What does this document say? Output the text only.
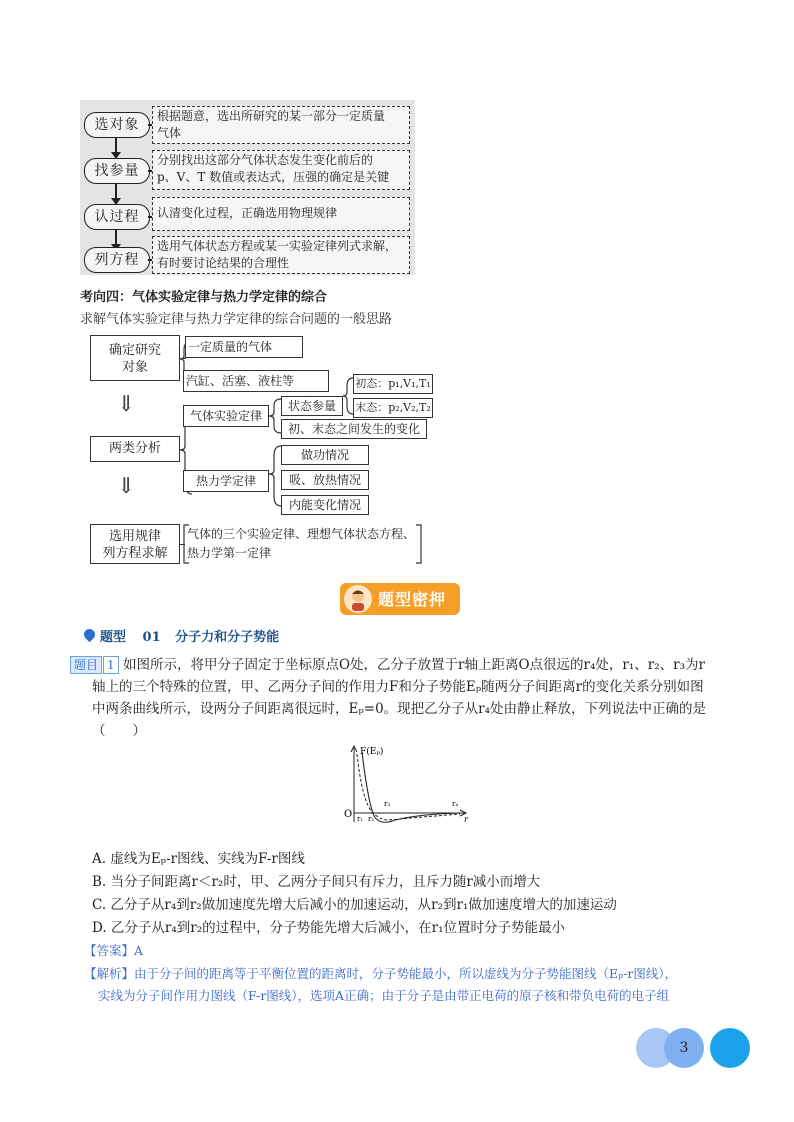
选对象
根据题意，选出所研究的某一部分一定质量
气体
找参量
分别找出这部分气体状态发生变化前后的
p、V、T 数值或表达式，压强的确定是关键
认过程	认清变化过程，正确选用物理规律
列方程
选用气体状态方程或某一实验定律列式求解，
有时要讨论结果的合理性
考向四：气体实验定律与热力学定律的综合
求解气体实验定律与热力学定律的综合问题的一般思路
确定研究
对象
一定质量的气体
汽缸、活塞、液柱等
⇓
两类分析
气体实验定律
状态参量
初态：p₁,V₁,T₁
末态：p₂,V₂,T₂
初、末态之间发生的变化
⇓	热力学定律
做功情况
吸、放热情况
内能变化情况
选用规律
列方程求解
气体的三个实验定律、理想气体状态方程、
热力学第一定律
题型密押
题型 01 分子力和分子势能
题目 1 如图所示，将甲分子固定于坐标原点O处，乙分子放置于r轴上距离O点很远的r₄处，r₁、r₂、r₃为r
轴上的三个特殊的位置，甲、乙两分子间的作用力F和分子势能Eₚ随两分子间距离r的变化关系分别如图
中两条曲线所示，设两分子间距离很远时，Eₚ=0。现把乙分子从r₄处由静止释放，下列说法中正确的是
（　　）
F(Eₚ)
O	r
r₁ r₂
r₃	r₄
A. 虚线为Eₚ-r图线、实线为F-r图线
B. 当分子间距离r＜r₂时，甲、乙两分子间只有斥力，且斥力随r减小而增大
C. 乙分子从r₄到r₂做加速度先增大后减小的加速运动，从r₂到r₁做加速度增大的加速运动
D. 乙分子从r₄到r₂的过程中，分子势能先增大后减小，在r₁位置时分子势能最小
【答案】A
【解析】由于分子间的距离等于平衡位置的距离时，分子势能最小，所以虚线为分子势能图线（Eₚ-r图线），
实线为分子间作用力图线（F-r图线），选项A正确；由于分子是由带正电荷的原子核和带负电荷的电子组
3
